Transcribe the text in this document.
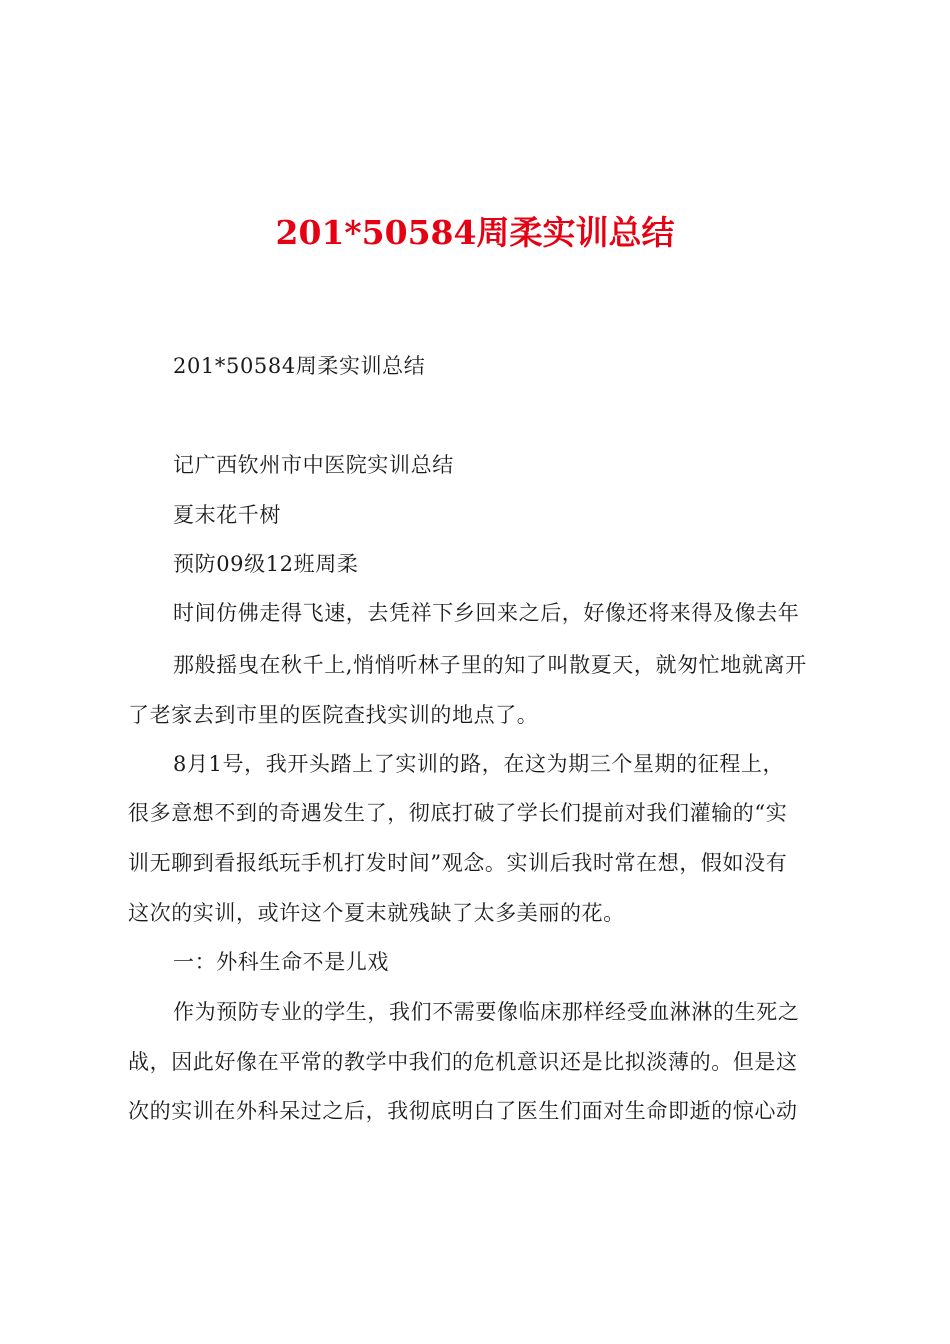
201*50584周柔实训总结
201*50584周柔实训总结
记广西钦州市中医院实训总结
夏末花千树
预防09级12班周柔
时间仿佛走得飞速，去凭祥下乡回来之后，好像还将来得及像去年
那般摇曳在秋千上,悄悄听林子里的知了叫散夏天，就匆忙地就离开
了老家去到市里的医院查找实训的地点了。
8月1号，我开头踏上了实训的路，在这为期三个星期的征程上，
很多意想不到的奇遇发生了，彻底打破了学长们提前对我们灌输的“实
训无聊到看报纸玩手机打发时间”观念。实训后我时常在想，假如没有
这次的实训，或许这个夏末就残缺了太多美丽的花。
一：外科生命不是儿戏
作为预防专业的学生，我们不需要像临床那样经受血淋淋的生死之
战，因此好像在平常的教学中我们的危机意识还是比拟淡薄的。但是这
次的实训在外科呆过之后，我彻底明白了医生们面对生命即逝的惊心动
